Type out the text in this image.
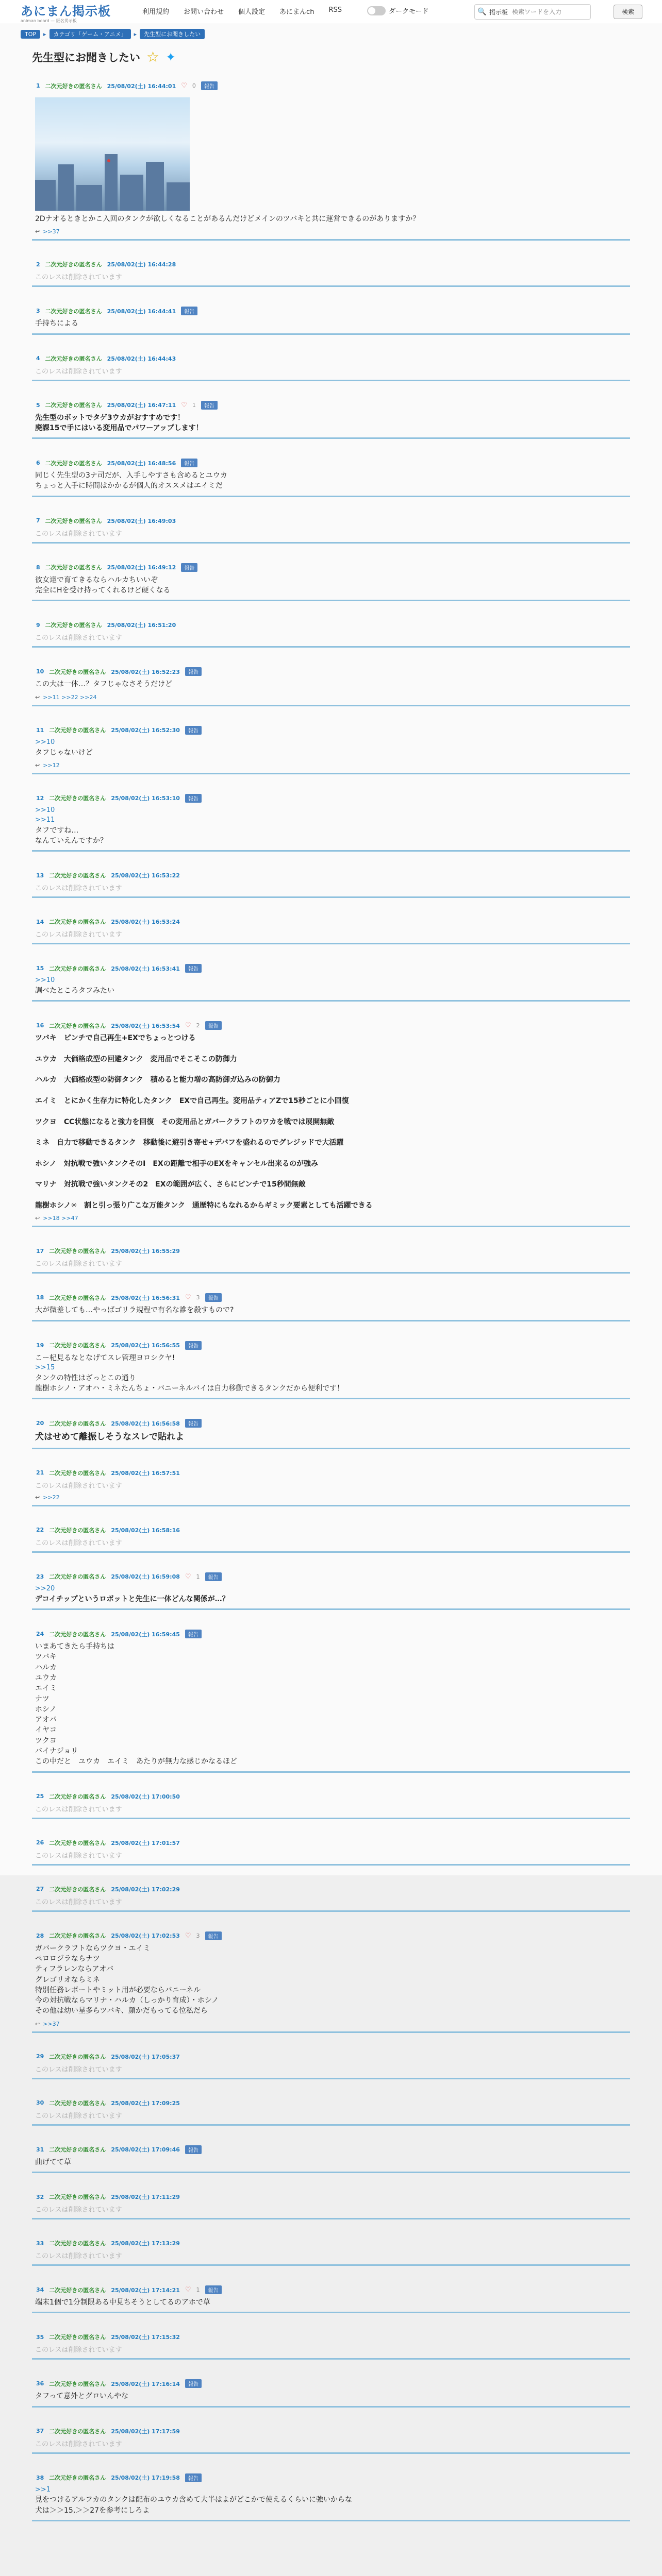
あにまん掲示板
animan board — 匿名掲示板
利用規約	お問い合わせ	個人設定	あにまんch	RSS	ダークモード	🔍 掲示板
検索ワードを入力	検索
TOP	▸	カテゴリ「ゲーム・アニメ」	▸	先生型にお聞きしたい
先生型にお聞きしたい ☆ ✦
1 二次元好きの匿名さん 25/08/02(土) 16:44:01 ♡ 0	報告
2Dナオるときとかこ入回のタンクが欲しくなることがあるんだけどメインのツバキと共に運営できるのがありますか？
↩ >>37
2 二次元好きの匿名さん 25/08/02(土) 16:44:28
このレスは削除されています
3 二次元好きの匿名さん 25/08/02(土) 16:44:41	報告
手持ちによる
4 二次元好きの匿名さん 25/08/02(土) 16:44:43
このレスは削除されています
5 二次元好きの匿名さん 25/08/02(土) 16:47:11 ♡ 1	報告
先生型のボットでタゲ3ウカがおすすめです！
廃課15で手にはいる変用品でパワーアップします！
6 二次元好きの匿名さん 25/08/02(土) 16:48:56	報告
同じく先生型の3ナ司だが、入手しやすさも含めるとユウカ
ちょっと入手に時間はかかるが個人的オススメはエイミだ
7 二次元好きの匿名さん 25/08/02(土) 16:49:03
このレスは削除されています
8 二次元好きの匿名さん 25/08/02(土) 16:49:12	報告
彼女達で育てきるならハルカちいいぞ
完全にHを受け持ってくれるけど硬くなる
9 二次元好きの匿名さん 25/08/02(土) 16:51:20
このレスは削除されています
10 二次元好きの匿名さん 25/08/02(土) 16:52:23	報告
この大は一体…？タフじゃなさそうだけど
↩ >>11 >>22 >>24
11 二次元好きの匿名さん 25/08/02(土) 16:52:30	報告
>>10
タフじゃないけど
↩ >>12
12 二次元好きの匿名さん 25/08/02(土) 16:53:10	報告
>>10
>>11
タフですね…
なんていえんですか？
13 二次元好きの匿名さん 25/08/02(土) 16:53:22
このレスは削除されています
14 二次元好きの匿名さん 25/08/02(土) 16:53:24
このレスは削除されています
15 二次元好きの匿名さん 25/08/02(土) 16:53:41	報告
>>10
調べたところタフみたい
16 二次元好きの匿名さん 25/08/02(土) 16:53:54 ♡ 2	報告
ツバキ　ピンチで自己再生+EXでちょっとつける

ユウカ　大価格成型の回避タンク　変用品でそこそこの防御力

ハルカ　大価格成型の防御タンク　積めると能力増の高防御ガ込みの防御力

エイミ　とにかく生存力に特化したタンク　EXで自己再生。変用品ティアZで15秒ごとに小回復

ツクヨ　CC状態になると強力を回復　その変用品とガバークラフトのワカを戦では展開無敵

ミネ　自力で移動できるタンク　移動後に遊引き寄せ+デバフを盛れるのでグレジッドで大活躍

ホシノ　対抗戦で強いタンクそのⅠ　EXの距離で相手のEXをキャンセル出来るのが強み

マリナ　対抗戦で強いタンクその2　EXの範囲が広く、さらにピンチで15秒間無敵

龍樹ホシノ✳︎　割と引っ張り广こな万能タンク　通歴特にもなれるからギミック要素としても活躍できる
↩ >>18 >>47
17 二次元好きの匿名さん 25/08/02(土) 16:55:29
このレスは削除されています
18 二次元好きの匿名さん 25/08/02(土) 16:56:31 ♡ 3	報告
大が微差しても…やっぱゴリラ規程で有名な誰を殺すもので?
19 二次元好きの匿名さん 25/08/02(土) 16:56:55	報告
こー杞見るなとなげてスレ管理ヨロシクヤ!
>>15
タンクの特性はざっとこの通り
龍樹ホシノ・アオハ・ミネたんちょ・バニーネルバイは自力移動できるタンクだから便利です！
20 二次元好きの匿名さん 25/08/02(土) 16:56:58	報告
犬はせめて離振しそうなスレで貼れよ
21 二次元好きの匿名さん 25/08/02(土) 16:57:51
このレスは削除されています
↩ >>22
22 二次元好きの匿名さん 25/08/02(土) 16:58:16
このレスは削除されています
23 二次元好きの匿名さん 25/08/02(土) 16:59:08 ♡ 1	報告
>>20
デコイチップというロボットと先生に一体どんな関係が…？
24 二次元好きの匿名さん 25/08/02(土) 16:59:45	報告
いまあてきたら手持ちは
ツバキ
ハルカ
ユウカ
エイミ
ナツ
ホシノ
アオバ
イヤコ
ツクヨ
バイナジョリ
この中だと　ユウカ　エイミ　あたりが無力な感じかなるほど
25 二次元好きの匿名さん 25/08/02(土) 17:00:50
このレスは削除されています
26 二次元好きの匿名さん 25/08/02(土) 17:01:57
このレスは削除されています
27 二次元好きの匿名さん 25/08/02(土) 17:02:29
このレスは削除されています
28 二次元好きの匿名さん 25/08/02(土) 17:02:53 ♡ 3	報告
ガバークラフトならツクヨ・エイミ
ペロロジラならナツ
ティフラレンならアオバ
グレゴリオならミネ
特別任務レボートやミット用が必要ならバニーネル
今の対抗戦ならマリナ・ハルカ（しっかり育成）・ホシノ
その他は幼い星多らツバキ、顔かだもってる位私だら
↩ >>37
29 二次元好きの匿名さん 25/08/02(土) 17:05:37
このレスは削除されています
30 二次元好きの匿名さん 25/08/02(土) 17:09:25
このレスは削除されています
31 二次元好きの匿名さん 25/08/02(土) 17:09:46	報告
曲げてて草
32 二次元好きの匿名さん 25/08/02(土) 17:11:29
このレスは削除されています
33 二次元好きの匿名さん 25/08/02(土) 17:13:29
このレスは削除されています
34 二次元好きの匿名さん 25/08/02(土) 17:14:21 ♡ 1	報告
端末1個で1分制限ある中見ちそうとしてるのアホで草
35 二次元好きの匿名さん 25/08/02(土) 17:15:32
このレスは削除されています
36 二次元好きの匿名さん 25/08/02(土) 17:16:14	報告
タフって意外とグロいんやな
37 二次元好きの匿名さん 25/08/02(土) 17:17:59
このレスは削除されています
38 二次元好きの匿名さん 25/08/02(土) 17:19:58	報告
>>1
見をつけるアルフカのタンクは配布のユウカ含めて大半はよがどこかで使えるくらいに強いからな
犬は＞＞15,＞＞27を参考にしろよ
